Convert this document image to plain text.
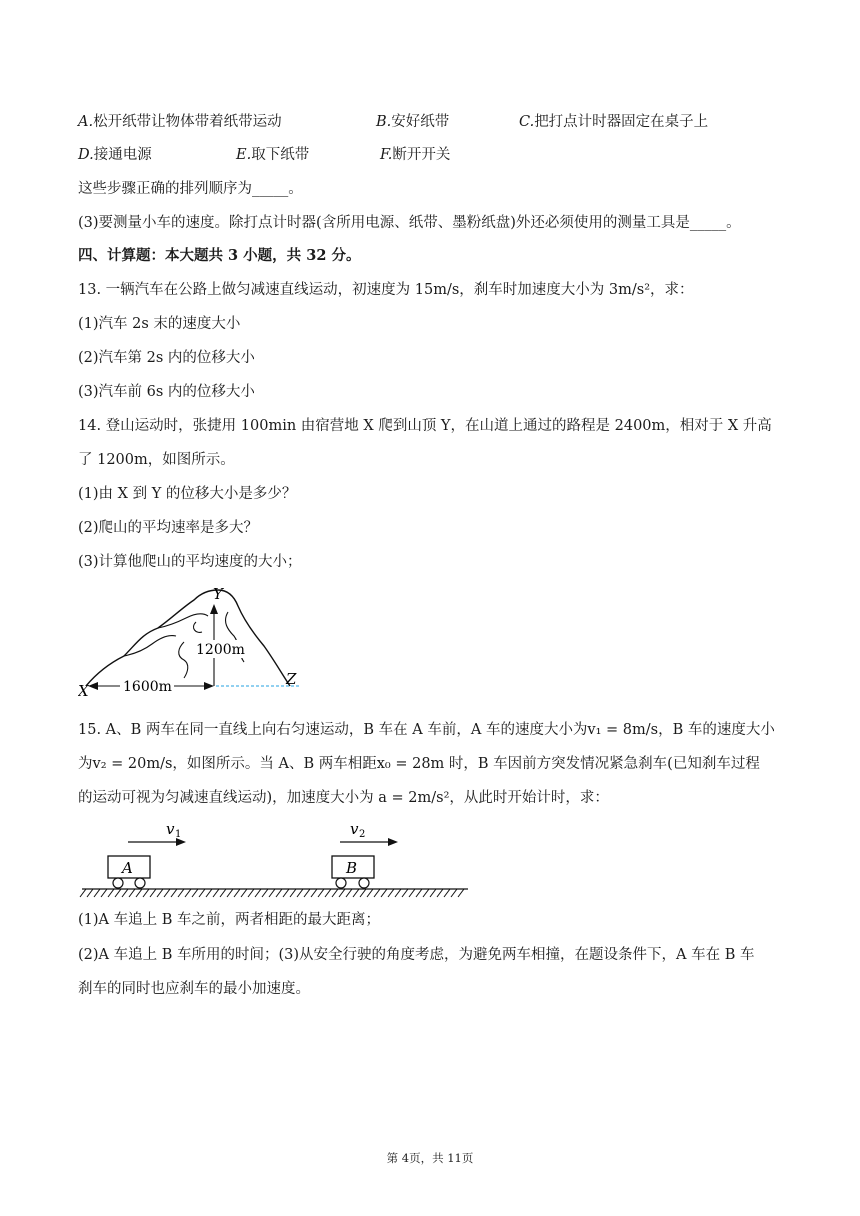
A.松开纸带让物体带着纸带运动	B.安好纸带	C.把打点计时器固定在桌子上
D.接通电源	E.取下纸带	F.断开开关
这些步骤正确的排列顺序为_____。
(3)要测量小车的速度。除打点计时器(含所用电源、纸带、墨粉纸盘)外还必须使用的测量工具是_____。
四、计算题：本大题共 3 小题，共 32 分。
13. 一辆汽车在公路上做匀减速直线运动，初速度为 15m/s，刹车时加速度大小为 3m/s²，求：
(1)汽车 2s 末的速度大小
(2)汽车第 2s 内的位移大小
(3)汽车前 6s 内的位移大小
14. 登山运动时，张捷用 100min 由宿营地 X 爬到山顶 Y，在山道上通过的路程是 2400m，相对于 X 升高
了 1200m，如图所示。
(1)由 X 到 Y 的位移大小是多少？
(2)爬山的平均速率是多大？
(3)计算他爬山的平均速度的大小；
Y
X
Z
1200m
1600m
15. A、B 两车在同一直线上向右匀速运动，B 车在 A 车前，A 车的速度大小为v₁ = 8m/s，B 车的速度大小
为v₂ = 20m/s，如图所示。当 A、B 两车相距x₀ = 28m 时，B 车因前方突发情况紧急刹车(已知刹车过程
的运动可视为匀减速直线运动)，加速度大小为 a = 2m/s²，从此时开始计时，求：
v 1	v 2
A	B
(1)A 车追上 B 车之前，两者相距的最大距离；
(2)A 车追上 B 车所用的时间；(3)从安全行驶的角度考虑，为避免两车相撞，在题设条件下，A 车在 B 车
刹车的同时也应刹车的最小加速度。
第 4页，共 11页
